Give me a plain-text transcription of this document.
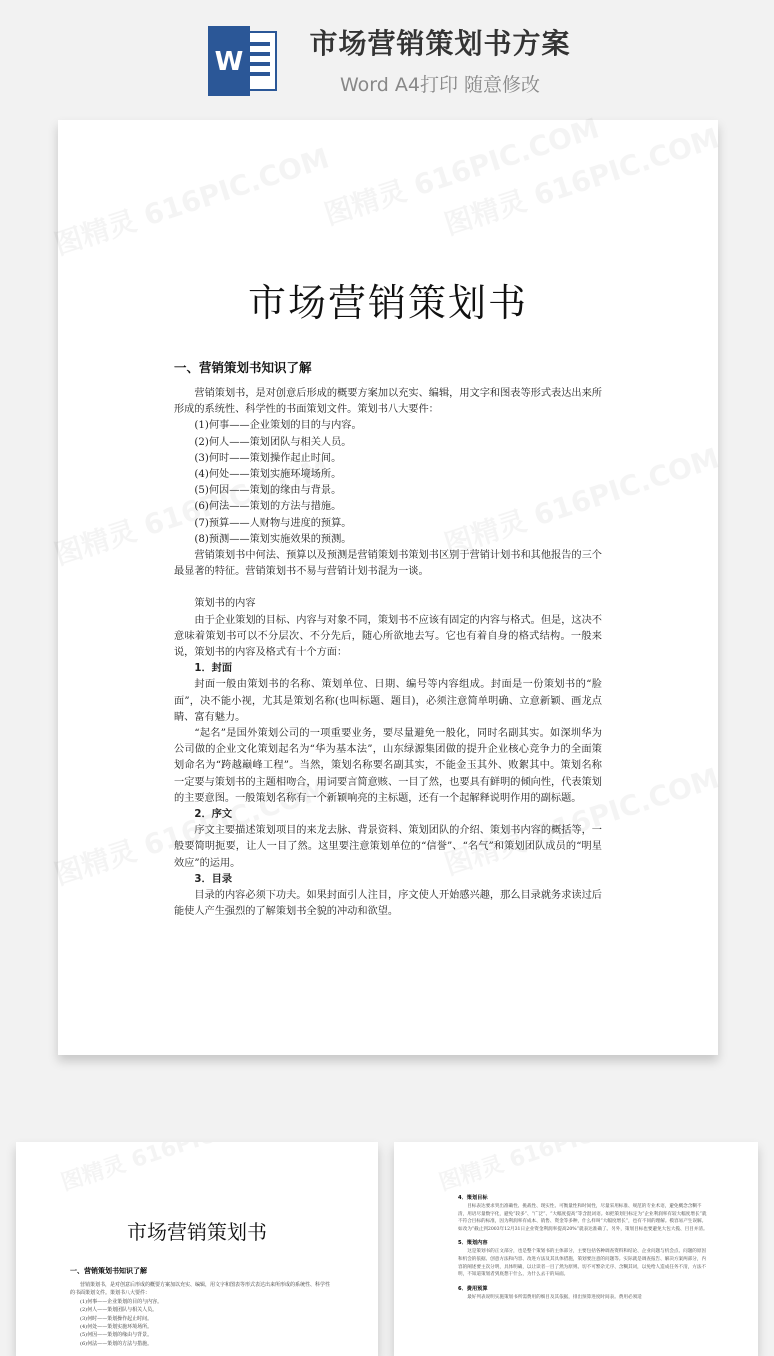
W
市场营销策划书方案
Word A4打印 随意修改
市场营销策划书

一、营销策划书知识了解

营销策划书，是对创意后形成的概要方案加以充实、编辑，用文字和图表等形式表达出来所形成的系统性、科学性的书面策划文件。策划书八大要件：

(1)何事——企业策划的目的与内容。

(2)何人——策划团队与相关人员。

(3)何时——策划操作起止时间。

(4)何处——策划实施环境场所。

(5)何因——策划的缘由与背景。

(6)何法——策划的方法与措施。

(7)预算——人财物与进度的预算。

(8)预测——策划实施效果的预测。

营销策划书中何法、预算以及预测是营销策划书策划书区别于营销计划书和其他报告的三个最显著的特征。营销策划书不易与营销计划书混为一谈。

策划书的内容

由于企业策划的目标、内容与对象不同，策划书不应该有固定的内容与格式。但是，这决不意味着策划书可以不分层次、不分先后，随心所欲地去写。它也有着自身的格式结构。一般来说，策划书的内容及格式有十个方面：

1．封面

封面一般由策划书的名称、策划单位、日期、编号等内容组成。封面是一份策划书的“脸面”，决不能小视，尤其是策划名称(也叫标题、题目)，必须注意简单明确、立意新颖、画龙点睛、富有魅力。

“起名”是国外策划公司的一项重要业务，要尽量避免一般化，同时名副其实。如深圳华为公司做的企业文化策划起名为“华为基本法”，山东绿源集团做的提升企业核心竞争力的全面策划命名为“跨越巅峰工程”。当然，策划名称要名副其实，不能金玉其外、败絮其中。策划名称一定要与策划书的主题相吻合，用词要言简意赅、一目了然，也要具有鲜明的倾向性，代表策划的主要意图。一般策划名称有一个新颖响亮的主标题，还有一个起解释说明作用的副标题。

2．序文

序文主要描述策划项目的来龙去脉、背景资料、策划团队的介绍、策划书内容的概括等，一般要简明扼要，让人一目了然。这里要注意策划单位的“信誉”、“名气”和策划团队成员的“明星效应”的运用。

3．目录

目录的内容必须下功夫。如果封面引人注目，序文使人开始感兴趣，那么目录就务求读过后能使人产生强烈的了解策划书全貌的冲动和欲望。

市场营销策划书

一、营销策划书知识了解

营销策划书，是对创意后形成的概要方案加以充实、编辑，用文字和图表等形式表达出来所形成的系统性、科学性的书面策划文件。策划书八大要件：

(1)何事——企业策划的目的与内容。

(2)何人——策划团队与相关人员。

(3)何时——策划操作起止时间。

(4)何处——策划实施环境场所。

(5)何因——策划的缘由与背景。

(6)何法——策划的方法与措施。

4．策划目标

目标表达要求突出准确性、挑战性、现实性、可衡量性和时间性，尽量采用标准、规范的专业术语，避免概念含糊不清，用语尽量数字化，避免“较多”、“广泛”、“大幅度提高”等含混词语。如把策划目标定为“企业利润率有较大幅度增长”就不符合目标的标准，因为利润率有成本、销售、资金等多种，什么样叫“大幅度增长”，也有不同的理解。模容易产生误解。如改为“截止到2003年12月31日企业资金利润率提高20%”就表达准确了。另外，策划目标也要避免大包大揽、目目并清。

5．策划内容

这是策划书的正文部分，也是整个策划书的主体部分，主要包括各种调查资料和结论、企业问题与机会点、问题的原因和机会的依据、创意方法和内容、改进方法及其具体措施，策划要注意的问题等。实际就是调查报告、解决方案两部分，内容的阐述要主次分明，具体明确，以让读者一目了然为原则。切不可繁杂无序、含糊其词，以免给人造成任务不清，方法不明，不知道策划者到底想干什么，为什么去干的局面。

6．费用预算

最好列表说明实施策划书所需费用的细目及其依据，排出预算进度时间表。费用必须适
